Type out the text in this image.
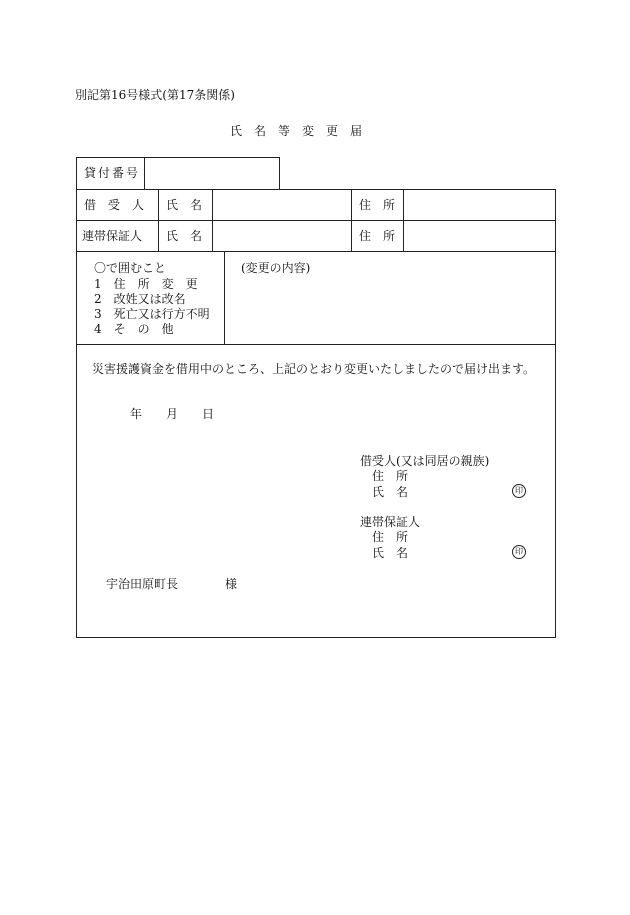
別記第16号様式(第17条関係)
氏　名　等　変　更　届
貸付番号
借　受　人 氏　名	住　所
連帯保証人 氏　名	住　所
〇で囲むこと
1　住　所　変　更
2　改姓又は改名
3　死亡又は行方不明
4　そ　の　他
(変更の内容)
災害援護資金を借用中のところ、上記のとおり変更いたしましたので届け出ます。
年　　月　　日
借受人(又は同居の親族)
住　所
氏　名	印
連帯保証人
住　所
氏　名	印
宇治田原町長	様
